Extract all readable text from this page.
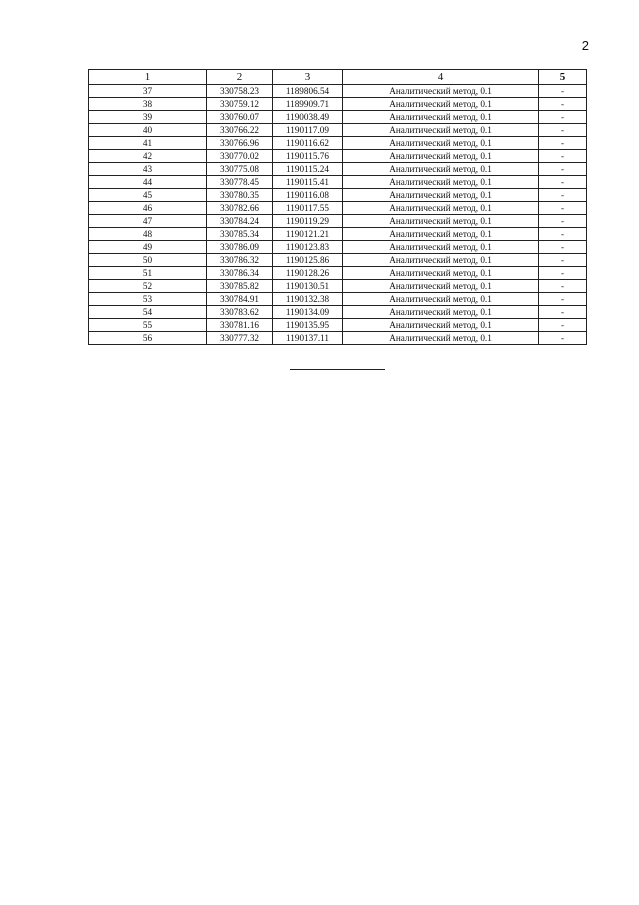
2
1	2	3	4	5
37	330758.23	1189806.54	Аналитический метод, 0.1	-
38	330759.12	1189909.71	Аналитический метод, 0.1	-
39	330760.07	1190038.49	Аналитический метод, 0.1	-
40	330766.22	1190117.09	Аналитический метод, 0.1	-
41	330766.96	1190116.62	Аналитический метод, 0.1	-
42	330770.02	1190115.76	Аналитический метод, 0.1	-
43	330775.08	1190115.24	Аналитический метод, 0.1	-
44	330778.45	1190115.41	Аналитический метод, 0.1	-
45	330780.35	1190116.08	Аналитический метод, 0.1	-
46	330782.66	1190117.55	Аналитический метод, 0.1	-
47	330784.24	1190119.29	Аналитический метод, 0.1	-
48	330785.34	1190121.21	Аналитический метод, 0.1	-
49	330786.09	1190123.83	Аналитический метод, 0.1	-
50	330786.32	1190125.86	Аналитический метод, 0.1	-
51	330786.34	1190128.26	Аналитический метод, 0.1	-
52	330785.82	1190130.51	Аналитический метод, 0.1	-
53	330784.91	1190132.38	Аналитический метод, 0.1	-
54	330783.62	1190134.09	Аналитический метод, 0.1	-
55	330781.16	1190135.95	Аналитический метод, 0.1	-
56	330777.32	1190137.11	Аналитический метод, 0.1	-
